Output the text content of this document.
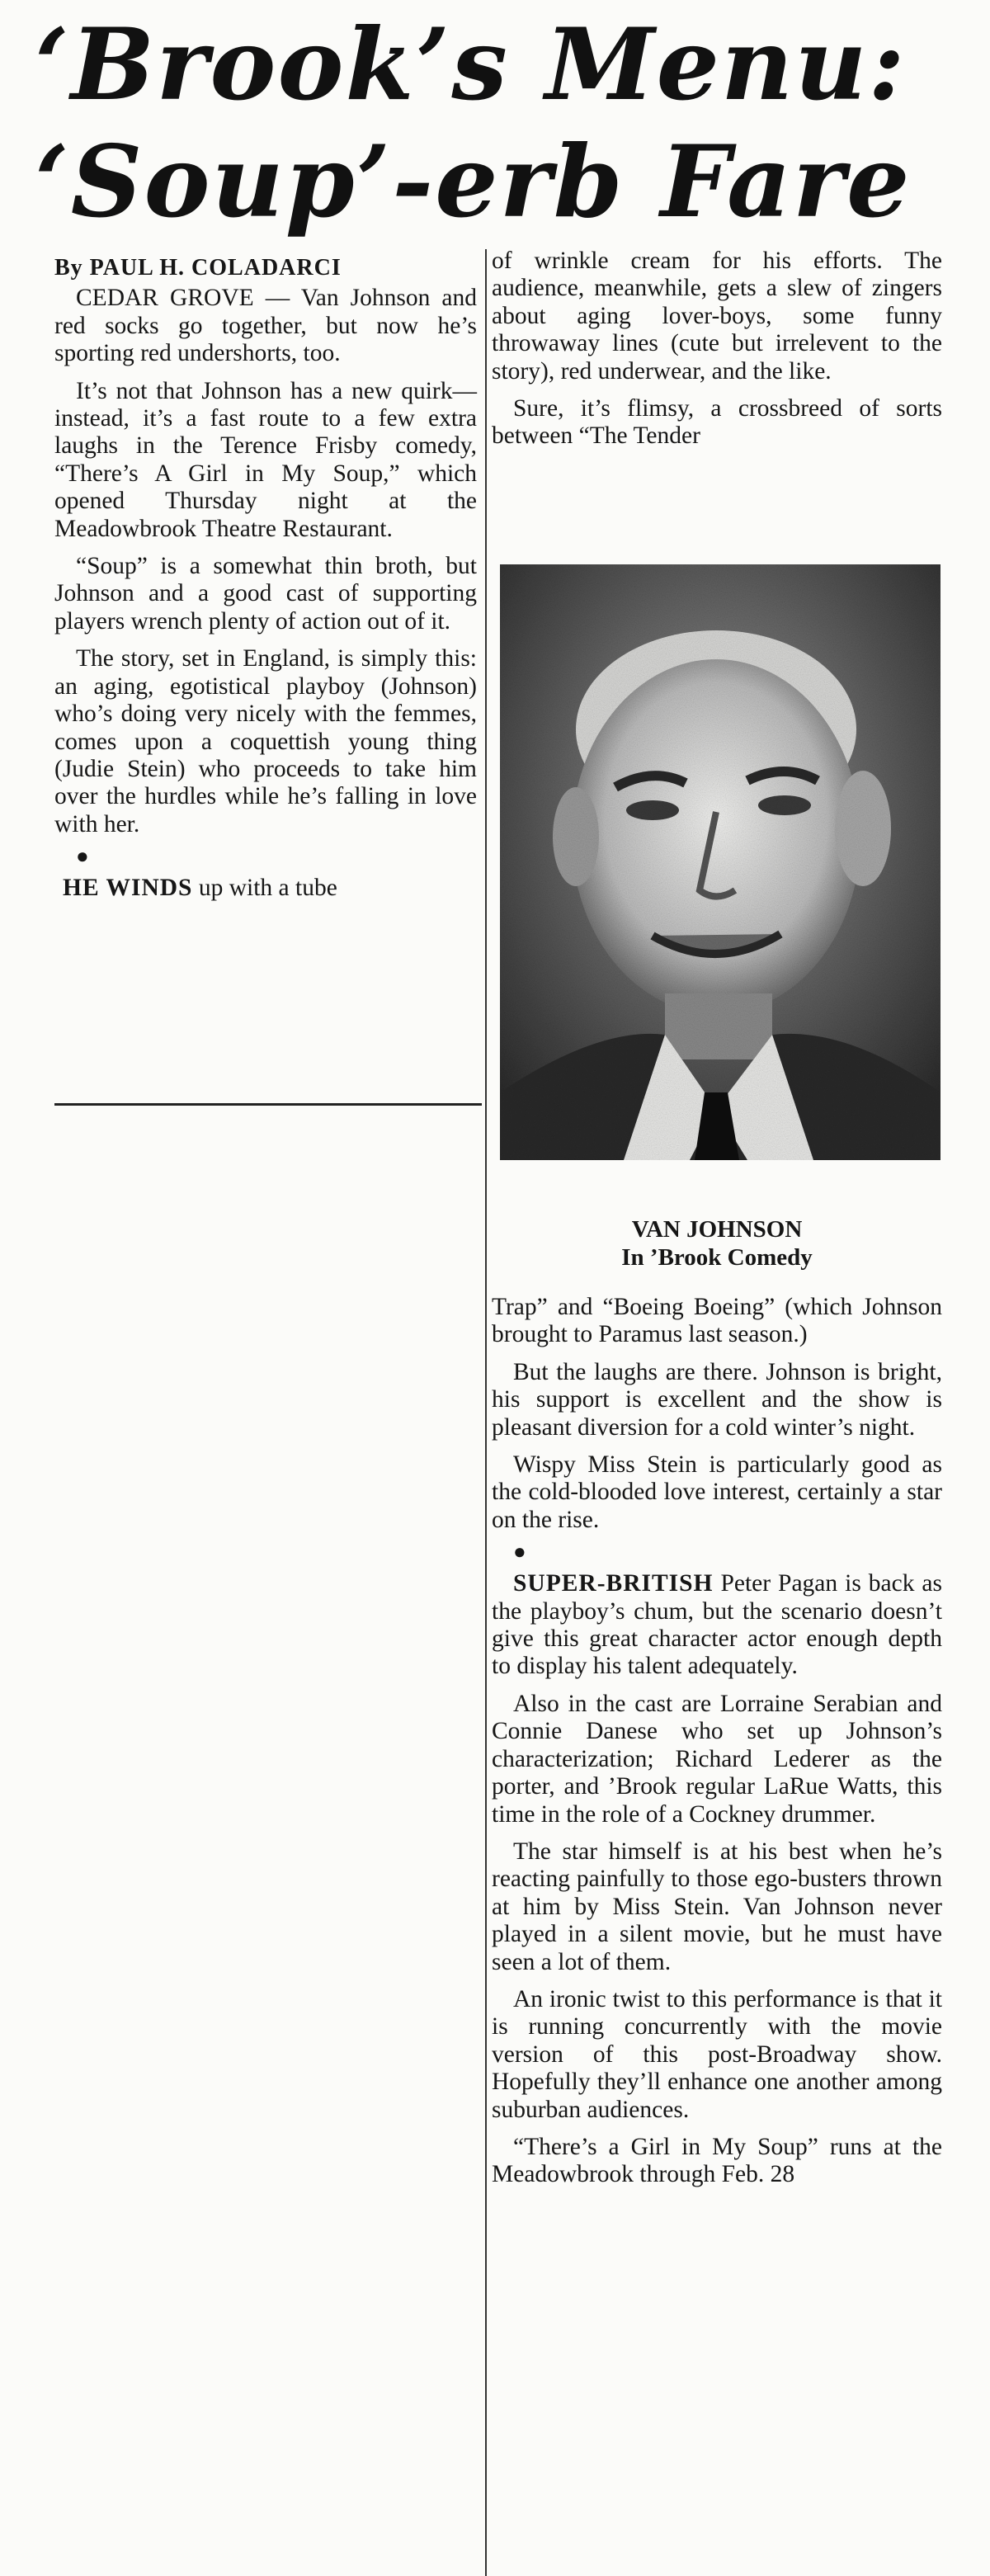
‘Brook’s Menu:
‘Soup’-erb Fare

By PAUL H. COLADARCI

CEDAR GROVE — Van Johnson and red socks go together, but now he’s sporting red undershorts, too.

It’s not that Johnson has a new quirk—instead, it’s a fast route to a few extra laughs in the Terence Frisby comedy, “There’s A Girl in My Soup,” which opened Thursday night at the Meadowbrook Theatre Restaurant.

“Soup” is a somewhat thin broth, but Johnson and a good cast of supporting players wrench plenty of action out of it.

The story, set in England, is simply this: an aging, egotistical playboy (Johnson) who’s doing very nicely with the femmes, comes upon a coquettish young thing (Judie Stein) who proceeds to take him over the hurdles while he’s falling in love with her.

●

HE WINDS up with a tube

of wrinkle cream for his efforts. The audience, meanwhile, gets a slew of zingers about aging lover-boys, some funny throwaway lines (cute but irrelevent to the story), red underwear, and the like.

Sure, it’s flimsy, a crossbreed of sorts between “The Tender

VAN JOHNSON
In ’Brook Comedy

Trap” and “Boeing Boeing” (which Johnson brought to Paramus last season.)

But the laughs are there. Johnson is bright, his support is excellent and the show is pleasant diversion for a cold winter’s night.

Wispy Miss Stein is particularly good as the cold-blooded love interest, certainly a star on the rise.

●

SUPER-BRITISH Peter Pagan is back as the playboy’s chum, but the scenario doesn’t give this great character actor enough depth to display his talent adequately.

Also in the cast are Lorraine Serabian and Connie Danese who set up Johnson’s characterization; Richard Lederer as the porter, and ’Brook regular LaRue Watts, this time in the role of a Cockney drummer.

The star himself is at his best when he’s reacting painfully to those ego-busters thrown at him by Miss Stein. Van Johnson never played in a silent movie, but he must have seen a lot of them.

An ironic twist to this performance is that it is running concurrently with the movie version of this post-Broadway show. Hopefully they’ll enhance one another among suburban audiences.

“There’s a Girl in My Soup” runs at the Meadowbrook through Feb. 28
